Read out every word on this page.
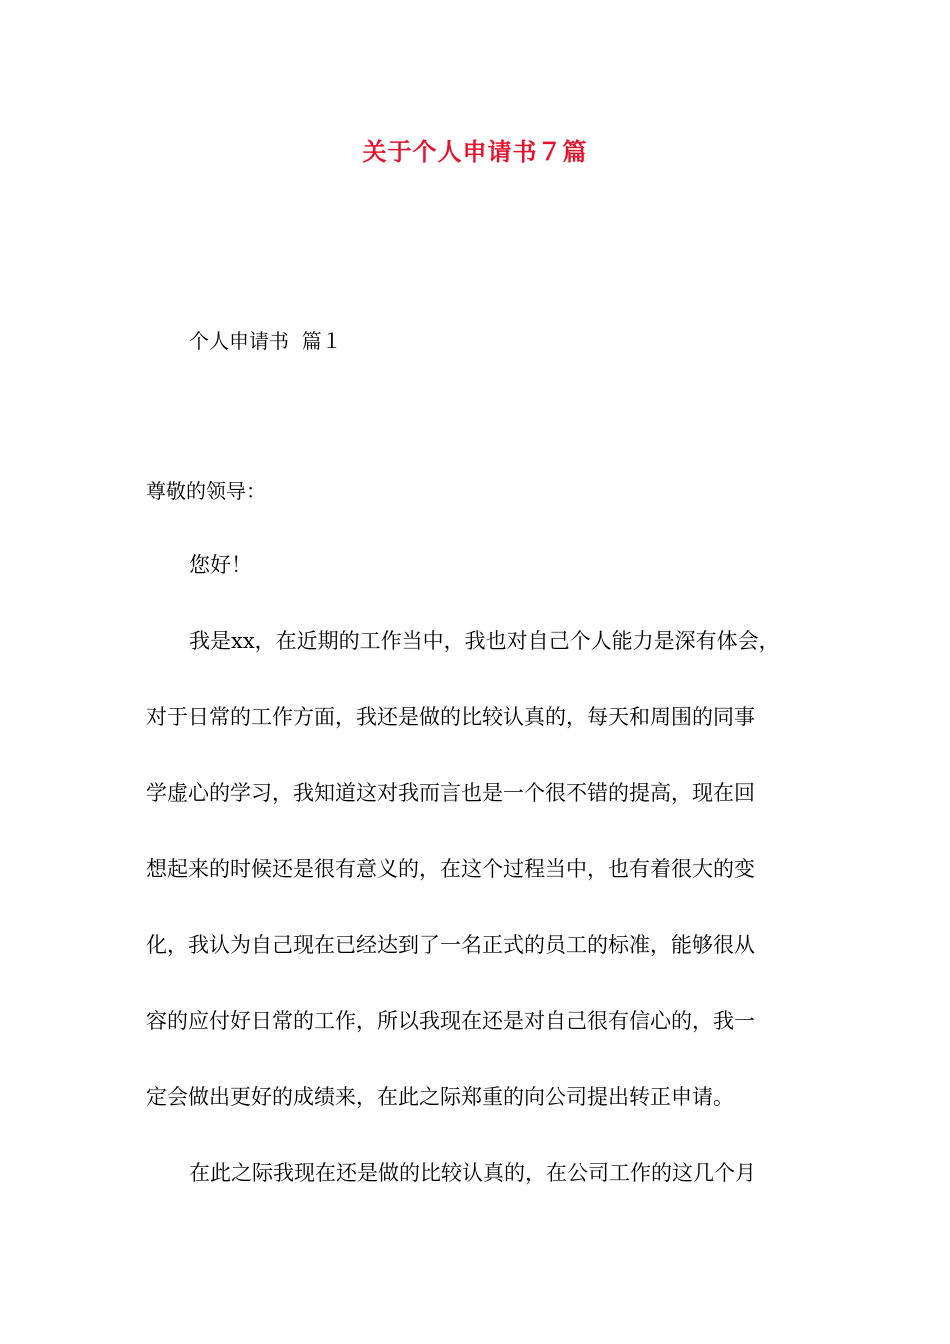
关于个人申请书７篇
个人申请书  篇１
尊敬的领导：
您好！
我是xx，在近期的工作当中，我也对自己个人能力是深有体会，
对于日常的工作方面，我还是做的比较认真的，每天和周围的同事
学虚心的学习，我知道这对我而言也是一个很不错的提高，现在回
想起来的时候还是很有意义的，在这个过程当中，也有着很大的变
化，我认为自己现在已经达到了一名正式的员工的标准，能够很从
容的应付好日常的工作，所以我现在还是对自己很有信心的，我一
定会做出更好的成绩来，在此之际郑重的向公司提出转正申请。
在此之际我现在还是做的比较认真的，在公司工作的这几个月
